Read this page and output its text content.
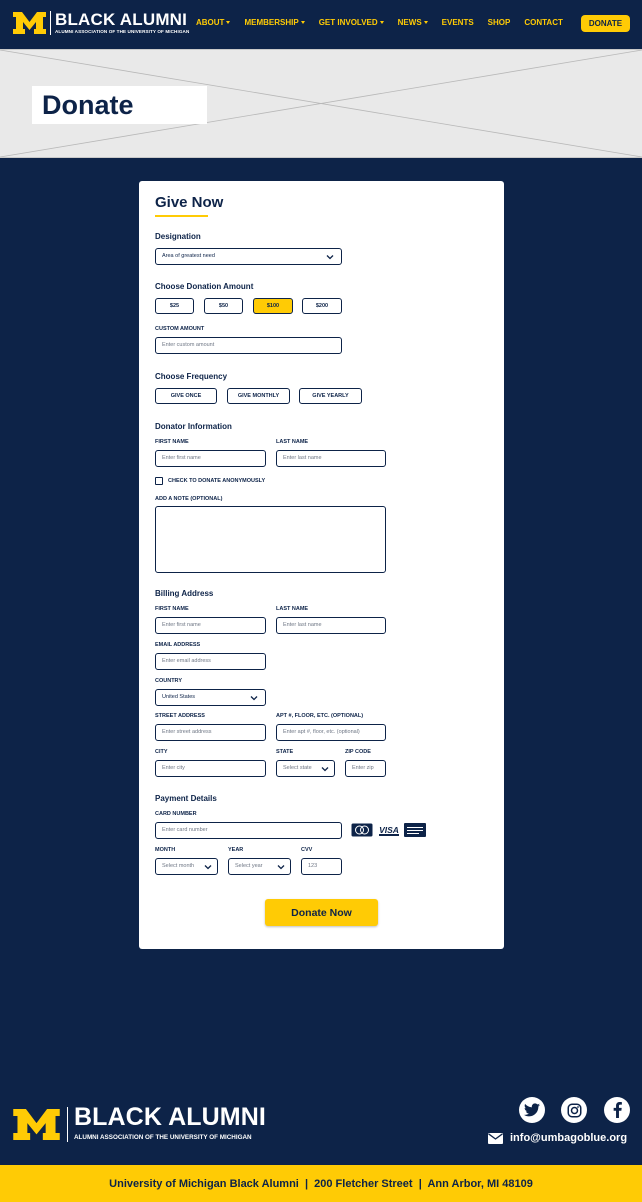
BLACK ALUMNI
ALUMNI ASSOCIATION OF THE UNIVERSITY OF MICHIGAN
ABOUT	MEMBERSHIP	GET INVOLVED	NEWS	EVENTS SHOP CONTACT	DONATE
Donate
Give Now
Designation
Area of greatest need
Choose Donation Amount
$25	$50	$100	$200
CUSTOM AMOUNT
Enter custom amount
Choose Frequency
GIVE ONCE	GIVE MONTHLY	GIVE YEARLY
Donator Information
FIRST NAME
Enter first name
LAST NAME
Enter last name
CHECK TO DONATE ANONYMOUSLY
ADD A NOTE (OPTIONAL)
Billing Address
FIRST NAME
Enter first name
LAST NAME
Enter last name
EMAIL ADDRESS
Enter email address
COUNTRY
United States
STREET ADDRESS
Enter street address
APT #, FLOOR, ETC. (OPTIONAL)
Enter apt #, floor, etc. (optional)
CITY
Enter city
STATE
Select state
ZIP CODE
Enter zip
Payment Details
CARD NUMBER
Enter card number	VISA
MONTH
Select month
YEAR
Select year
CVV
123
Donate Now
BLACK ALUMNI
ALUMNI ASSOCIATION OF THE UNIVERSITY OF MICHIGAN	info@umbagoblue.org
University of Michigan Black Alumni  |  200 Fletcher Street  |  Ann Arbor, MI 48109
